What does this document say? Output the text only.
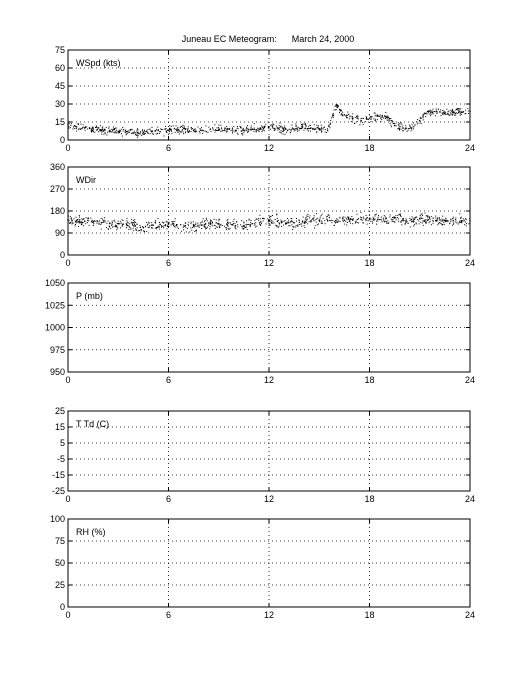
Juneau EC Meteogram:      March 24, 2000
0
15
30
45
60
75
0	6	12	18	24
WSpd (kts)
0
90
180
270
360
0	6	12	18	24
WDir
950
975
1000
1025
1050
0	6	12	18	24
P (mb)
-25
-15
-5
5
15
25
0	6	12	18	24
T Td (C)
0
25
50
75
100
0	6	12	18	24
RH (%)
